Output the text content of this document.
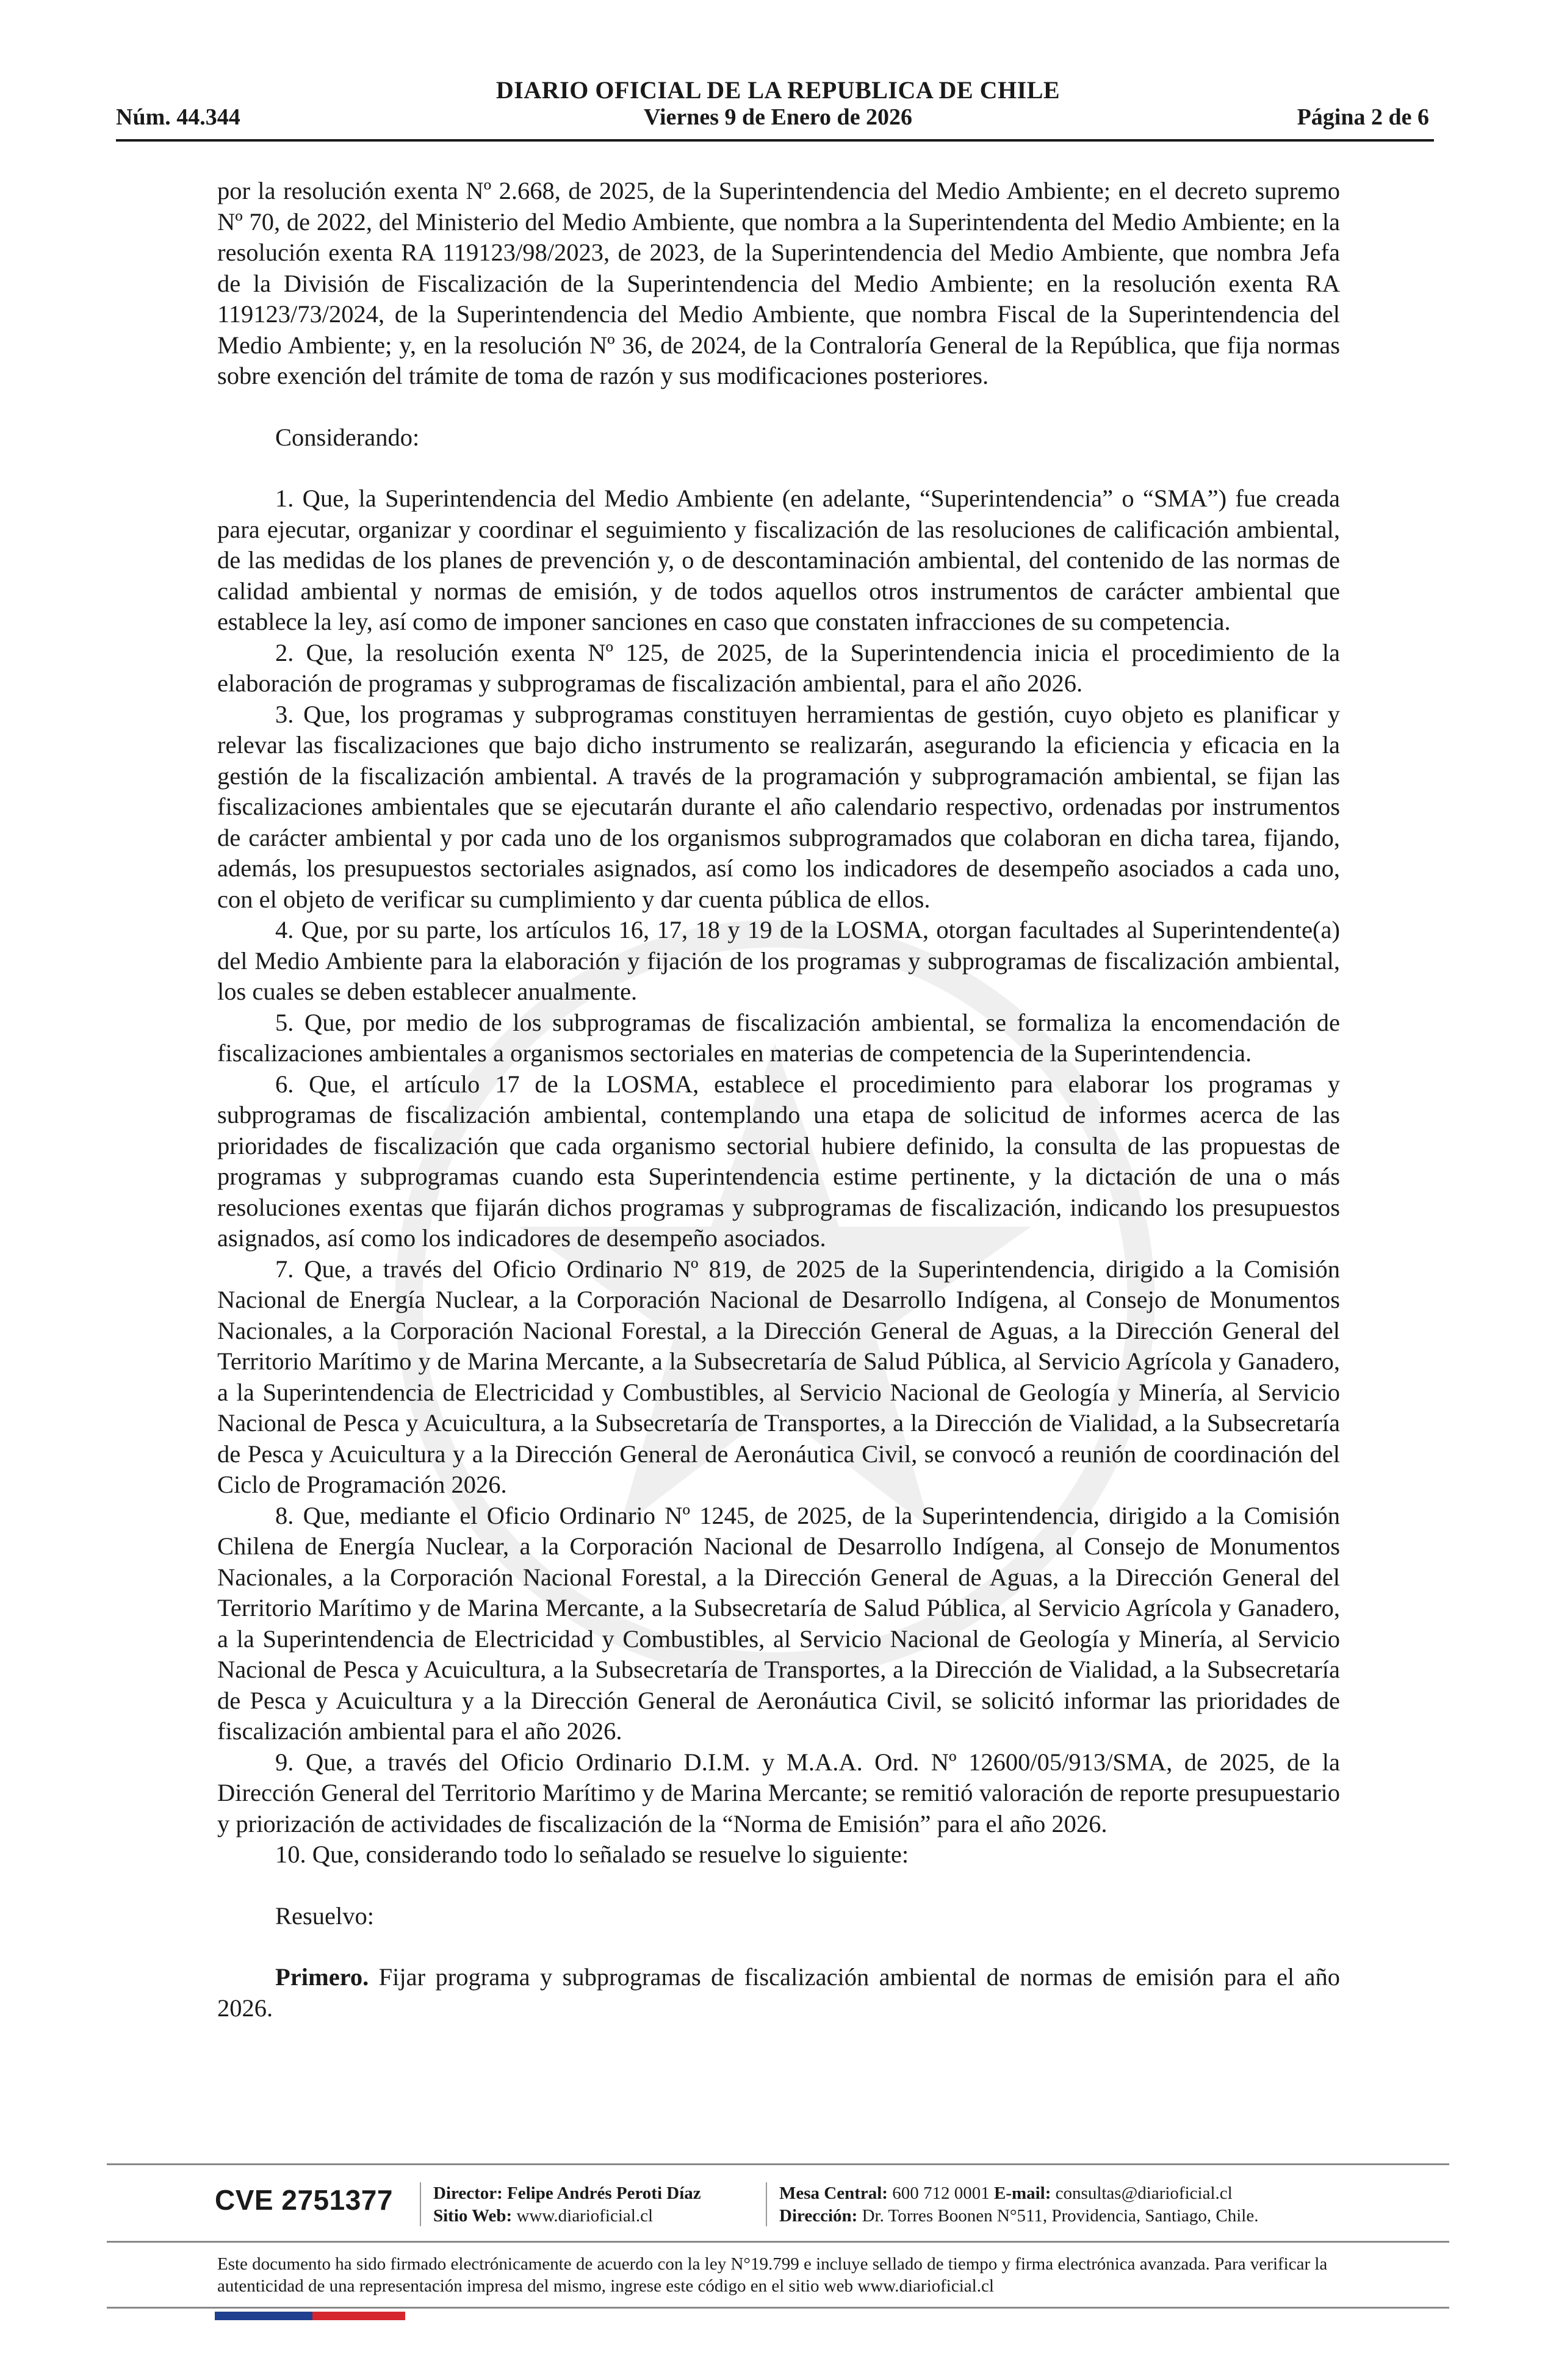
DIARIO OFICIAL DE LA REPUBLICA DE CHILE
Núm. 44.344	Viernes 9 de Enero de 2026	Página 2 de 6

por la resolución exenta Nº 2.668, de 2025, de la Superintendencia del Medio Ambiente; en el decreto supremo Nº 70, de 2022, del Ministerio del Medio Ambiente, que nombra a la Superintendenta del Medio Ambiente; en la resolución exenta RA 119123/98/2023, de 2023, de la Superintendencia del Medio Ambiente, que nombra Jefa de la División de Fiscalización de la Superintendencia del Medio Ambiente; en la resolución exenta RA 119123/73/2024, de la Superintendencia del Medio Ambiente, que nombra Fiscal de la Superintendencia del Medio Ambiente; y, en la resolución Nº 36, de 2024, de la Contraloría General de la República, que fija normas sobre exención del trámite de toma de razón y sus modificaciones posteriores.

Considerando:

1. Que, la Superintendencia del Medio Ambiente (en adelante, “Superintendencia” o “SMA”) fue creada para ejecutar, organizar y coordinar el seguimiento y fiscalización de las resoluciones de calificación ambiental, de las medidas de los planes de prevención y, o de descontaminación ambiental, del contenido de las normas de calidad ambiental y normas de emisión, y de todos aquellos otros instrumentos de carácter ambiental que establece la ley, así como de imponer sanciones en caso que constaten infracciones de su competencia.

2. Que, la resolución exenta Nº 125, de 2025, de la Superintendencia inicia el procedimiento de la elaboración de programas y subprogramas de fiscalización ambiental, para el año 2026.

3. Que, los programas y subprogramas constituyen herramientas de gestión, cuyo objeto es planificar y relevar las fiscalizaciones que bajo dicho instrumento se realizarán, asegurando la eficiencia y eficacia en la gestión de la fiscalización ambiental. A través de la programación y subprogramación ambiental, se fijan las fiscalizaciones ambientales que se ejecutarán durante el año calendario respectivo, ordenadas por instrumentos de carácter ambiental y por cada uno de los organismos subprogramados que colaboran en dicha tarea, fijando, además, los presupuestos sectoriales asignados, así como los indicadores de desempeño asociados a cada uno, con el objeto de verificar su cumplimiento y dar cuenta pública de ellos.

4. Que, por su parte, los artículos 16, 17, 18 y 19 de la LOSMA, otorgan facultades al Superintendente(a) del Medio Ambiente para la elaboración y fijación de los programas y subprogramas de fiscalización ambiental, los cuales se deben establecer anualmente.

5. Que, por medio de los subprogramas de fiscalización ambiental, se formaliza la encomendación de fiscalizaciones ambientales a organismos sectoriales en materias de competencia de la Superintendencia.

6. Que, el artículo 17 de la LOSMA, establece el procedimiento para elaborar los programas y subprogramas de fiscalización ambiental, contemplando una etapa de solicitud de informes acerca de las prioridades de fiscalización que cada organismo sectorial hubiere definido, la consulta de las propuestas de programas y subprogramas cuando esta Superintendencia estime pertinente, y la dictación de una o más resoluciones exentas que fijarán dichos programas y subprogramas de fiscalización, indicando los presupuestos asignados, así como los indicadores de desempeño asociados.

7. Que, a través del Oficio Ordinario Nº 819, de 2025 de la Superintendencia, dirigido a la Comisión Nacional de Energía Nuclear, a la Corporación Nacional de Desarrollo Indígena, al Consejo de Monumentos Nacionales, a la Corporación Nacional Forestal, a la Dirección General de Aguas, a la Dirección General del Territorio Marítimo y de Marina Mercante, a la Subsecretaría de Salud Pública, al Servicio Agrícola y Ganadero, a la Superintendencia de Electricidad y Combustibles, al Servicio Nacional de Geología y Minería, al Servicio Nacional de Pesca y Acuicultura, a la Subsecretaría de Transportes, a la Dirección de Vialidad, a la Subsecretaría de Pesca y Acuicultura y a la Dirección General de Aeronáutica Civil, se convocó a reunión de coordinación del Ciclo de Programación 2026.

8. Que, mediante el Oficio Ordinario Nº 1245, de 2025, de la Superintendencia, dirigido a la Comisión Chilena de Energía Nuclear, a la Corporación Nacional de Desarrollo Indígena, al Consejo de Monumentos Nacionales, a la Corporación Nacional Forestal, a la Dirección General de Aguas, a la Dirección General del Territorio Marítimo y de Marina Mercante, a la Subsecretaría de Salud Pública, al Servicio Agrícola y Ganadero, a la Superintendencia de Electricidad y Combustibles, al Servicio Nacional de Geología y Minería, al Servicio Nacional de Pesca y Acuicultura, a la Subsecretaría de Transportes, a la Dirección de Vialidad, a la Subsecretaría de Pesca y Acuicultura y a la Dirección General de Aeronáutica Civil, se solicitó informar las prioridades de fiscalización ambiental para el año 2026.

9. Que, a través del Oficio Ordinario D.I.M. y M.A.A. Ord. Nº 12600/05/913/SMA, de 2025, de la Dirección General del Territorio Marítimo y de Marina Mercante; se remitió valoración de reporte presupuestario y priorización de actividades de fiscalización de la “Norma de Emisión” para el año 2026.

10. Que, considerando todo lo señalado se resuelve lo siguiente:

Resuelvo:

Primero. Fijar programa y subprogramas de fiscalización ambiental de normas de emisión para el año 2026.

CVE 2751377 Director: Felipe Andrés Peroti Díaz
Sitio Web: www.diarioficial.cl
Mesa Central: 600 712 0001 E-mail: consultas@diarioficial.cl
Dirección: Dr. Torres Boonen N°511, Providencia, Santiago, Chile.
Este documento ha sido firmado electrónicamente de acuerdo con la ley N°19.799 e incluye sellado de tiempo y firma electrónica avanzada. Para verificar la autenticidad de una representación impresa del mismo, ingrese este código en el sitio web www.diarioficial.cl
